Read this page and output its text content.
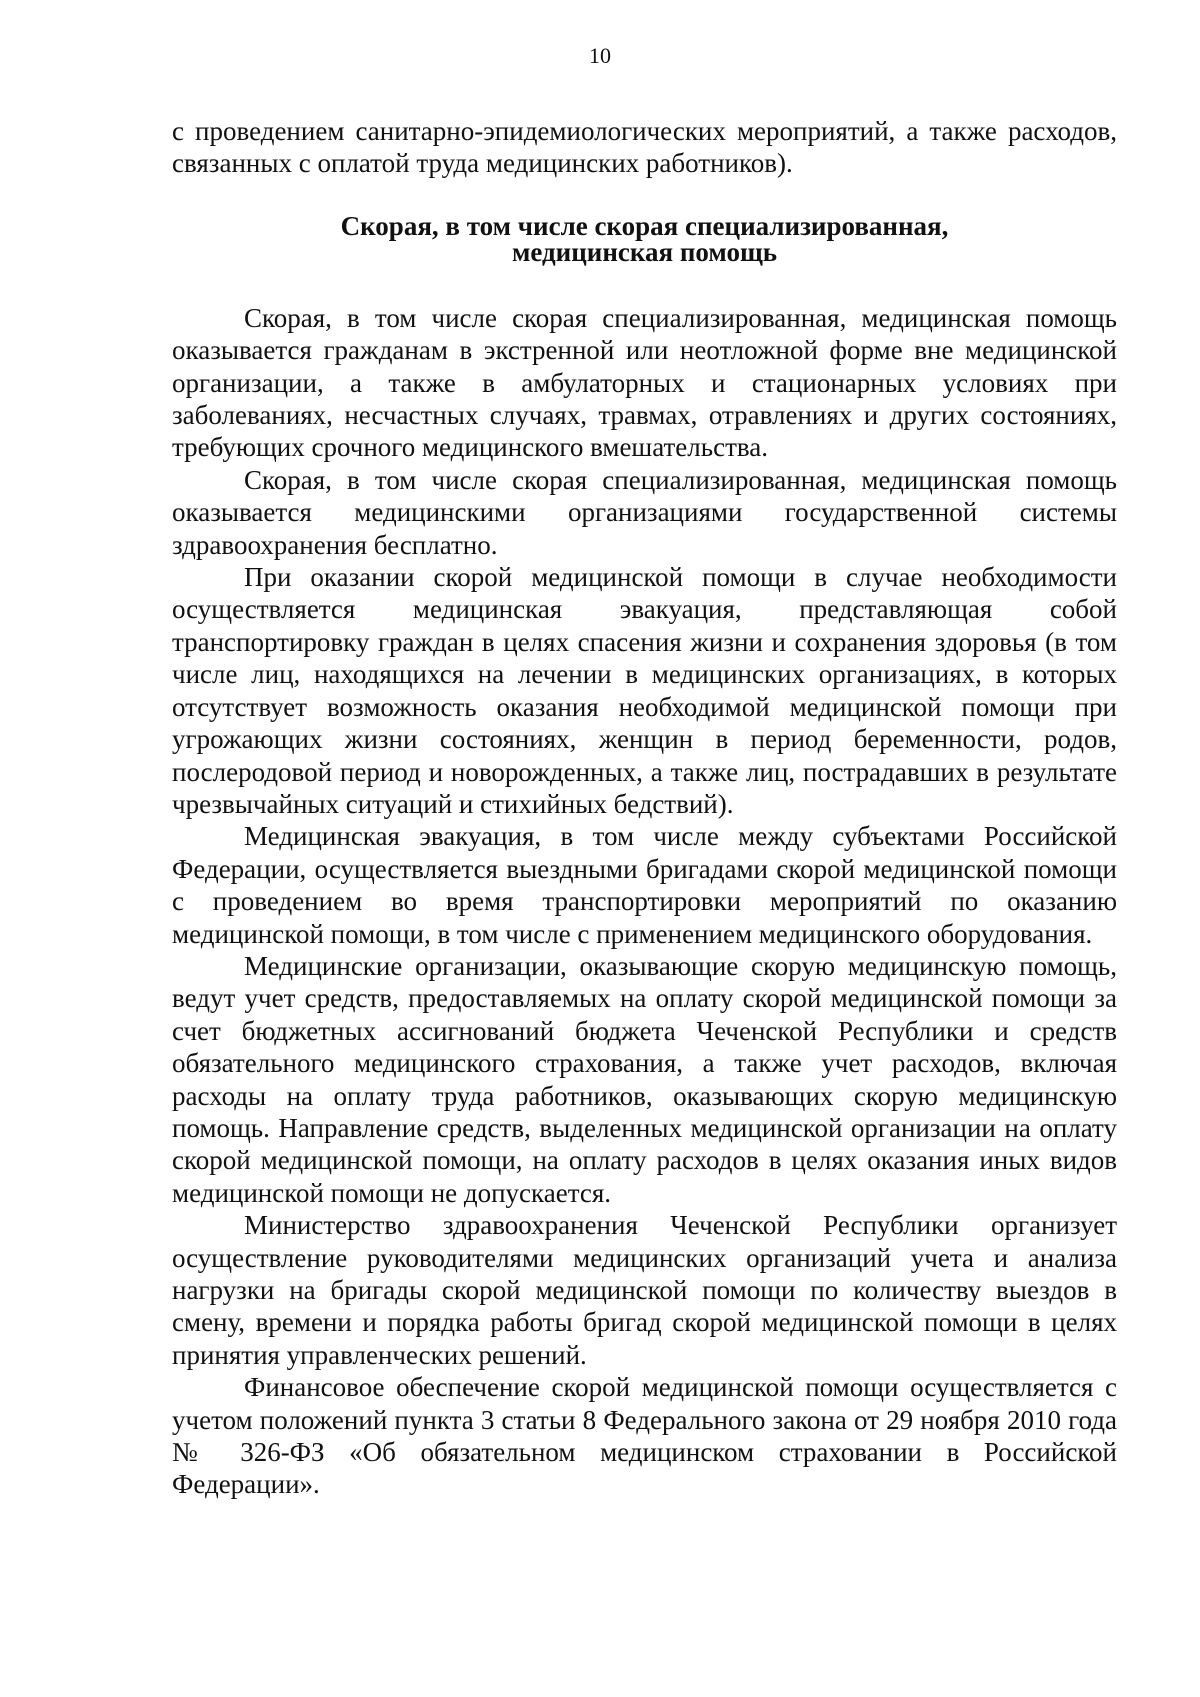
10

с проведением санитарно-эпидемиологических мероприятий, а также расходов, связанных с оплатой труда медицинских работников).

Скорая, в том числе скорая специализированная,
медицинская помощь

Скорая, в том числе скорая специализированная, медицинская помощь оказывается гражданам в экстренной или неотложной форме вне медицинской организации, а также в амбулаторных и стационарных условиях при заболеваниях, несчастных случаях, травмах, отравлениях и других состояниях, требующих срочного медицинского вмешательства.

Скорая, в том числе скорая специализированная, медицинская помощь оказывается медицинскими организациями государственной системы здравоохранения бесплатно.

При оказании скорой медицинской помощи в случае необходимости осуществляется медицинская эвакуация, представляющая собой транспортировку граждан в целях спасения жизни и сохранения здоровья (в том числе лиц, находящихся на лечении в медицинских организациях, в которых отсутствует возможность оказания необходимой медицинской помощи при угрожающих жизни состояниях, женщин в период беременности, родов, послеродовой период и новорожденных, а также лиц, пострадавших в результате чрезвычайных ситуаций и стихийных бедствий).

Медицинская эвакуация, в том числе между субъектами Российской Федерации, осуществляется выездными бригадами скорой медицинской помощи с проведением во время транспортировки мероприятий по оказанию медицинской помощи, в том числе с применением медицинского оборудования.

Медицинские организации, оказывающие скорую медицинскую помощь, ведут учет средств, предоставляемых на оплату скорой медицинской помощи за счет бюджетных ассигнований бюджета Чеченской Республики и средств обязательного медицинского страхования, а также учет расходов, включая расходы на оплату труда работников, оказывающих скорую медицинскую помощь. Направление средств, выделенных медицинской организации на оплату скорой медицинской помощи, на оплату расходов в целях оказания иных видов медицинской помощи не допускается.

Министерство здравоохранения Чеченской Республики организует осуществление руководителями медицинских организаций учета и анализа нагрузки на бригады скорой медицинской помощи по количеству выездов в смену, времени и порядка работы бригад скорой медицинской помощи в целях принятия управленческих решений.

Финансовое обеспечение скорой медицинской помощи осуществляется с учетом положений пункта 3 статьи 8 Федерального закона от 29 ноября 2010 года № 326-ФЗ «Об обязательном медицинском страховании в Российской Федерации».
